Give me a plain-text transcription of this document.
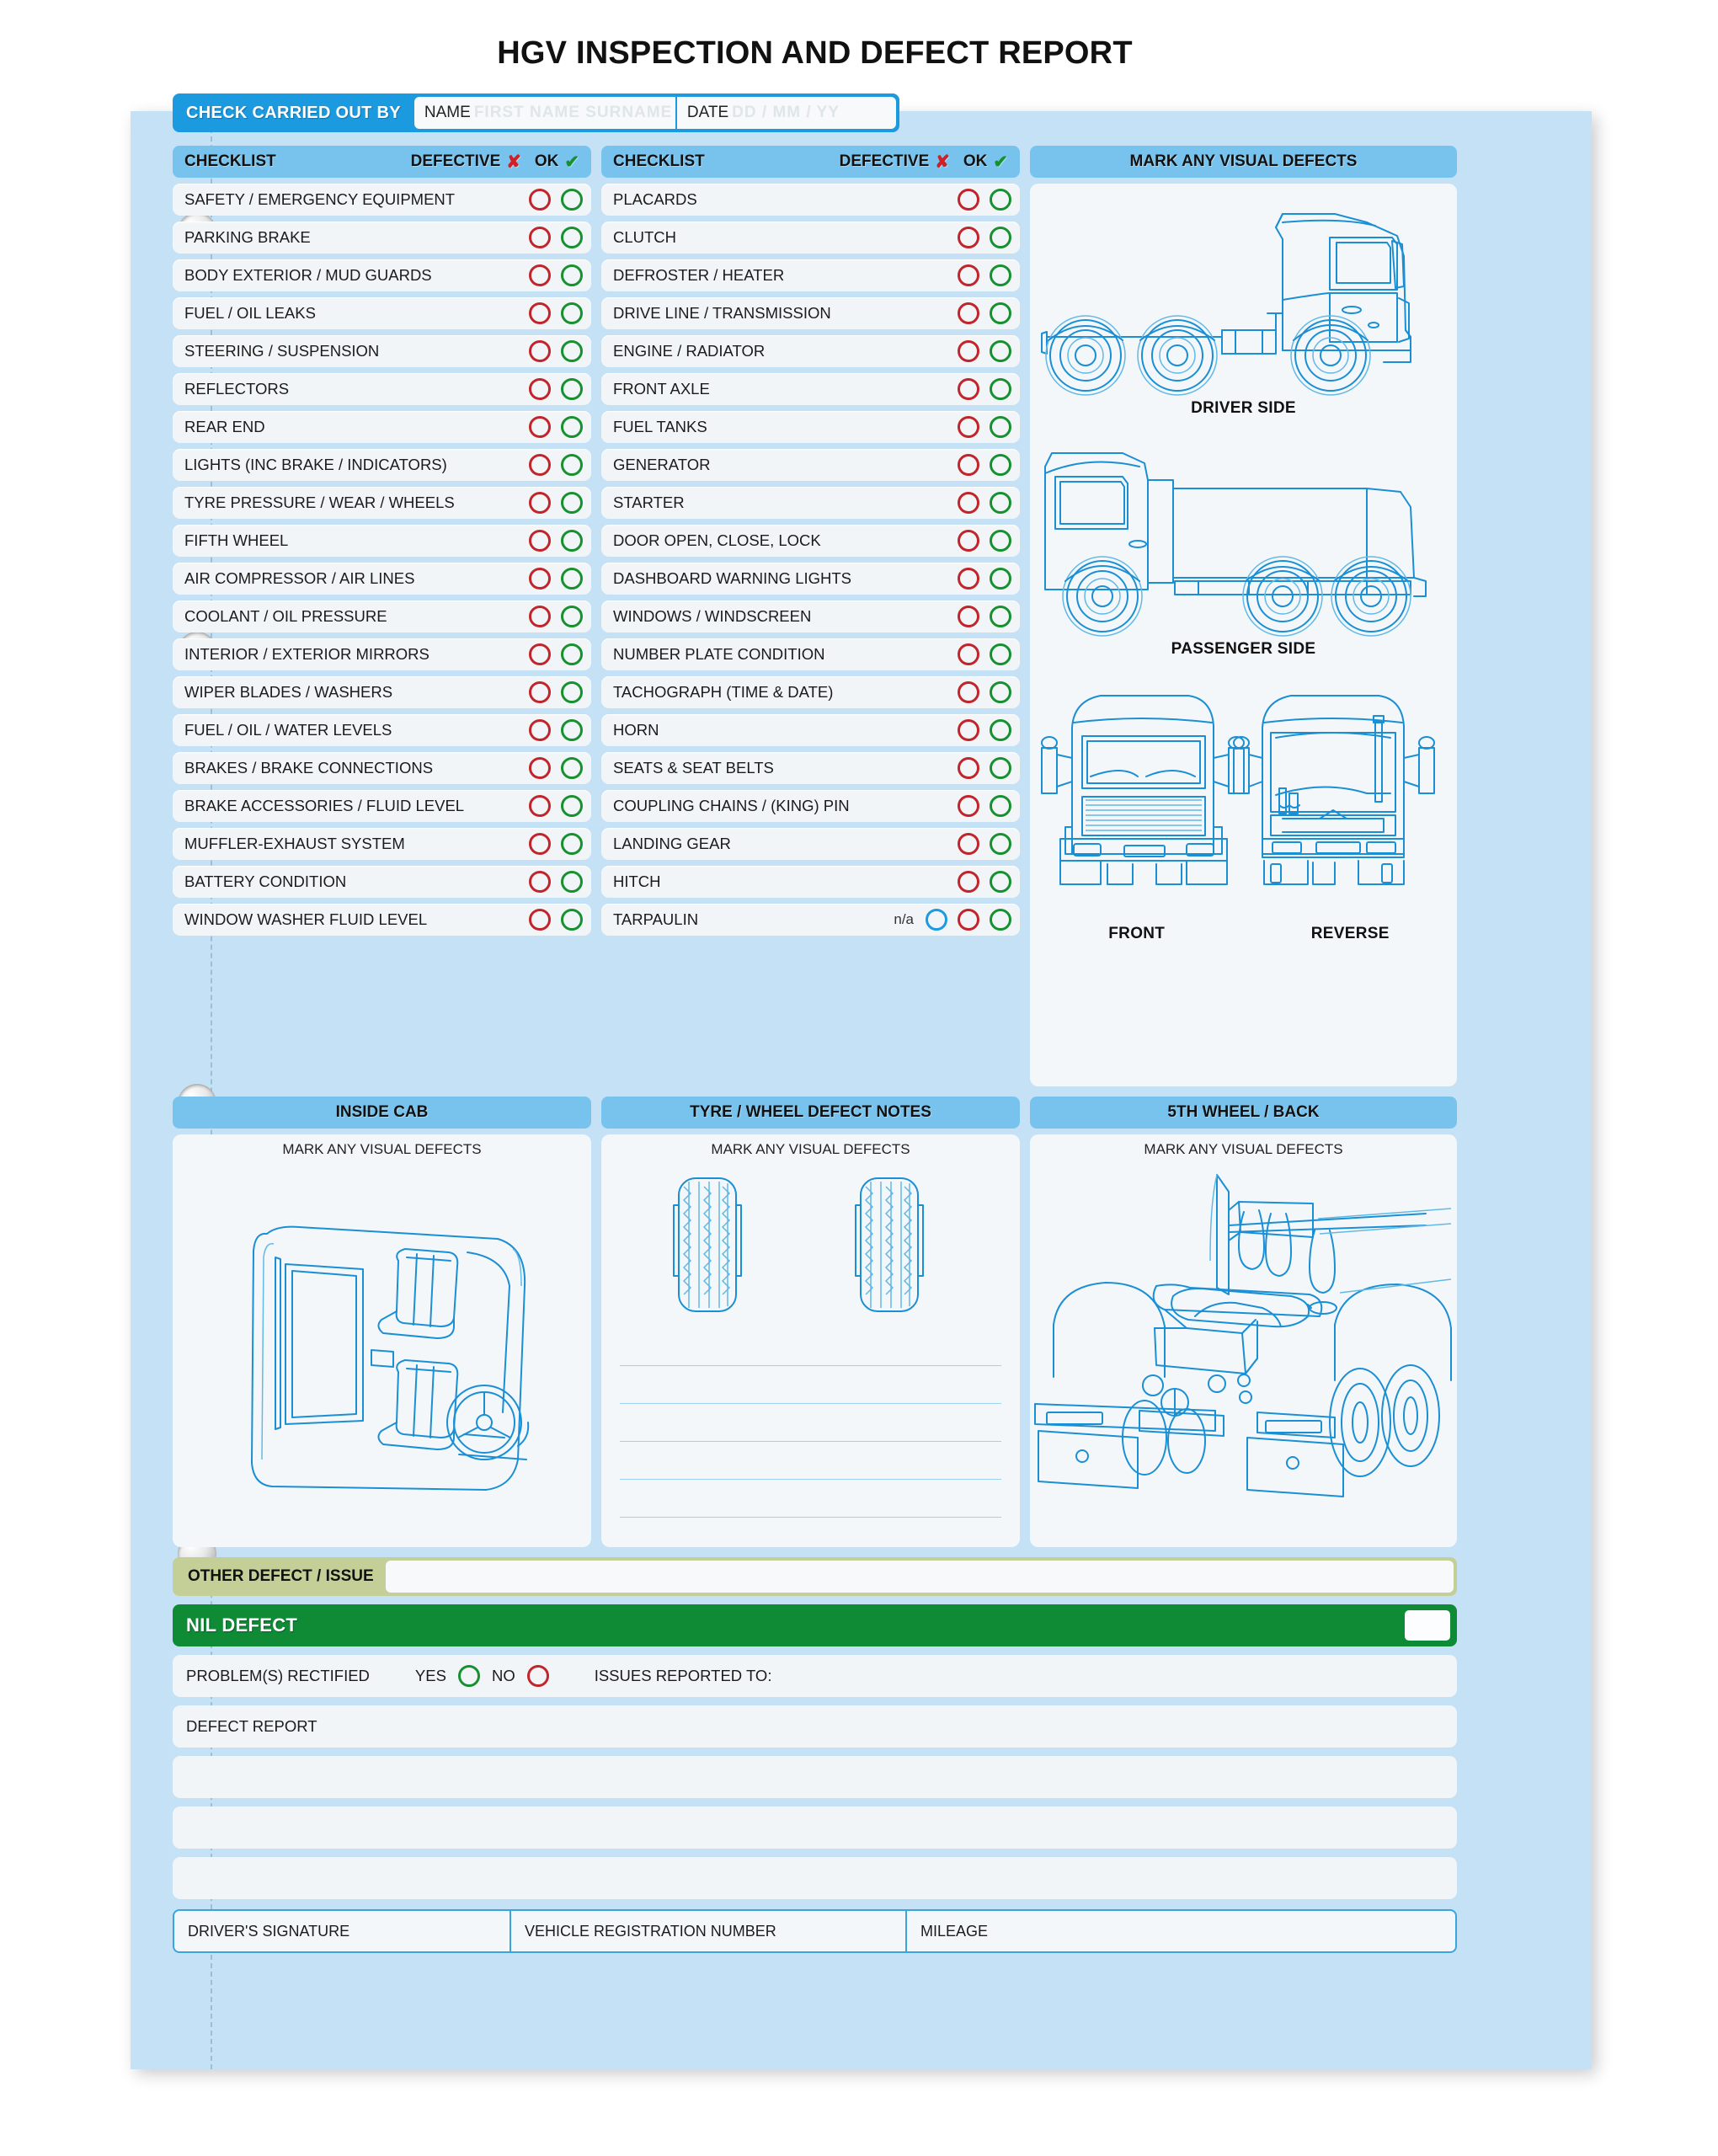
HGV INSPECTION AND DEFECT REPORT
CHECK CARRIED OUT BY	NAME FIRST NAME SURNAME DATE DD / MM / YY
CHECKLIST	DEFECTIVE ✘ OK ✔
SAFETY / EMERGENCY EQUIPMENT
PARKING BRAKE
BODY EXTERIOR / MUD GUARDS
FUEL / OIL LEAKS
STEERING / SUSPENSION
REFLECTORS
REAR END
LIGHTS (INC BRAKE / INDICATORS)
TYRE PRESSURE / WEAR / WHEELS
FIFTH WHEEL
AIR COMPRESSOR / AIR LINES
COOLANT / OIL PRESSURE
INTERIOR / EXTERIOR MIRRORS
WIPER BLADES / WASHERS
FUEL / OIL / WATER LEVELS
BRAKES / BRAKE CONNECTIONS
BRAKE ACCESSORIES / FLUID LEVEL
MUFFLER-EXHAUST SYSTEM
BATTERY CONDITION
WINDOW WASHER FLUID LEVEL
CHECKLIST	DEFECTIVE ✘ OK ✔
PLACARDS
CLUTCH
DEFROSTER / HEATER
DRIVE LINE / TRANSMISSION
ENGINE / RADIATOR
FRONT AXLE
FUEL TANKS
GENERATOR
STARTER
DOOR OPEN, CLOSE, LOCK
DASHBOARD WARNING LIGHTS
WINDOWS / WINDSCREEN
NUMBER PLATE CONDITION
TACHOGRAPH (TIME & DATE)
HORN
SEATS & SEAT BELTS
COUPLING CHAINS / (KING) PIN
LANDING GEAR
HITCH
TARPAULIN	n/a
MARK ANY VISUAL DEFECTS
DRIVER SIDE
PASSENGER SIDE
FRONT	REVERSE
INSIDE CAB
MARK ANY VISUAL DEFECTS
TYRE / WHEEL DEFECT NOTES
MARK ANY VISUAL DEFECTS
5TH WHEEL / BACK
MARK ANY VISUAL DEFECTS
OTHER DEFECT / ISSUE
NIL DEFECT
PROBLEM(S) RECTIFIED	YES	NO	ISSUES REPORTED TO:
DEFECT REPORT
DRIVER'S SIGNATURE	VEHICLE REGISTRATION NUMBER	MILEAGE
